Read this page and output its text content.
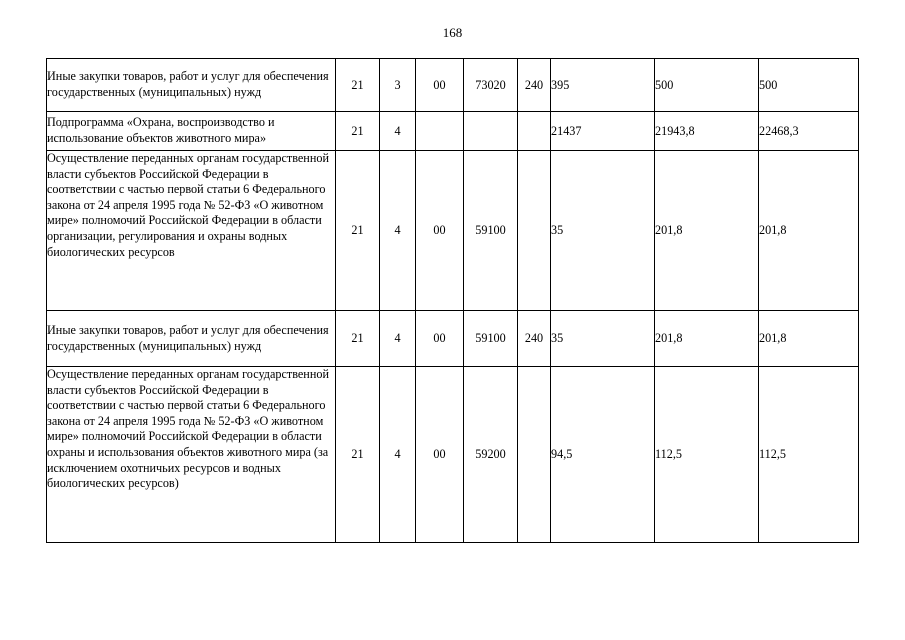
168
Иные закупки товаров, работ и услуг для обеспечения государственных (муниципальных) нужд	21	3	00	73020	240	395	500	500
Подпрограмма «Охрана, воспроизводство и использование объектов животного мира»	21	4				21437	21943,8	22468,3
Осуществление переданных органам государственной власти субъектов Российской Федерации в соответствии с частью первой статьи 6 Федерального закона от 24 апреля 1995 года № 52-ФЗ «О животном мире» полномочий Российской Федерации в области организации, регулирования и охраны водных биологических ресурсов	21	4	00	59100		35	201,8	201,8
Иные закупки товаров, работ и услуг для обеспечения государственных (муниципальных) нужд	21	4	00	59100	240	35	201,8	201,8
Осуществление переданных органам государственной власти субъектов Российской Федерации в соответствии с частью первой статьи 6 Федерального закона от 24 апреля 1995 года № 52-ФЗ «О животном мире» полномочий Российской Федерации в области охраны и использования объектов животного мира (за исключением охотничьих ресурсов и водных биологических ресурсов)	21	4	00	59200		94,5	112,5	112,5
